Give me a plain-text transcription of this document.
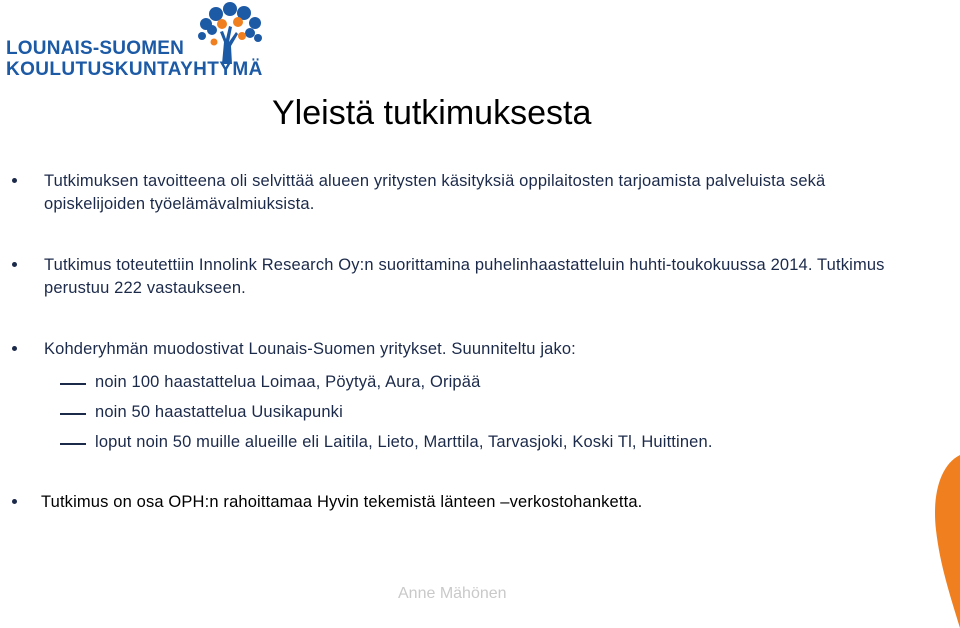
LOUNAIS-SUOMEN
KOULUTUSKUNTAYHTYMÄ
Yleistä tutkimuksesta
Tutkimuksen tavoitteena oli selvittää alueen yritysten käsityksiä oppilaitosten tarjoamista palveluista sekä opiskelijoiden työelämävalmiuksista.
Tutkimus toteutettiin Innolink Research Oy:n suorittamina puhelinhaastatteluin huhti-toukokuussa 2014. Tutkimus perustuu 222 vastaukseen.
Kohderyhmän muodostivat Lounais-Suomen yritykset. Suunniteltu jako:
noin 100 haastattelua Loimaa, Pöytyä, Aura, Oripää
noin 50 haastattelua Uusikapunki
loput noin 50 muille alueille eli Laitila, Lieto, Marttila, Tarvasjoki, Koski Tl, Huittinen.
Tutkimus on osa OPH:n rahoittamaa Hyvin tekemistä länteen –verkostohanketta.
Anne Mähönen
